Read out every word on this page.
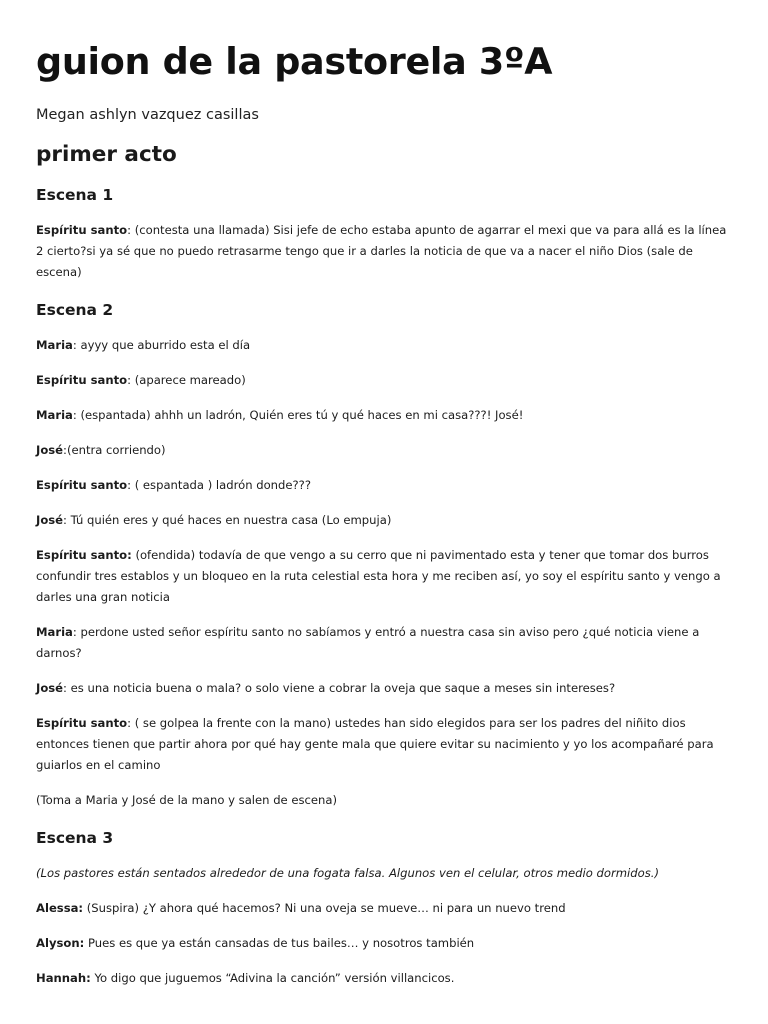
guion de la pastorela 3ºA
Megan ashlyn vazquez casillas
primer acto
Escena 1

Espíritu santo: (contesta una llamada) Sisi jefe de echo estaba apunto de agarrar el mexi que va para allá es la línea 2 cierto?si ya sé que no puedo retrasarme tengo que ir a darles la noticia de que va a nacer el niño Dios (sale de escena)

Escena 2

Maria: ayyy que aburrido esta el día

Espíritu santo: (aparece mareado)

Maria: (espantada) ahhh un ladrón, Quién eres tú y qué haces en mi casa???! José!

José:(entra corriendo)

Espíritu santo: ( espantada ) ladrón donde???

José: Tú quién eres y qué haces en nuestra casa (Lo empuja)

Espíritu santo: (ofendida) todavía de que vengo a su cerro que ni pavimentado esta y tener que tomar dos burros confundir tres establos y un bloqueo en la ruta celestial esta hora y me reciben así, yo soy el espíritu santo y vengo a darles una gran noticia

Maria: perdone usted señor espíritu santo no sabíamos y entró a nuestra casa sin aviso pero ¿qué noticia viene a darnos?

José: es una noticia buena o mala? o solo viene a cobrar la oveja que saque a meses sin intereses?

Espíritu santo: ( se golpea la frente con la mano) ustedes han sido elegidos para ser los padres del niñito dios entonces tienen que partir ahora por qué hay gente mala que quiere evitar su nacimiento y yo los acompañaré para guiarlos en el camino

(Toma a Maria y José de la mano y salen de escena)

Escena 3

(Los pastores están sentados alrededor de una fogata falsa. Algunos ven el celular, otros medio dormidos.)

Alessa: (Suspira) ¿Y ahora qué hacemos? Ni una oveja se mueve… ni para un nuevo trend

Alyson: Pues es que ya están cansadas de tus bailes… y nosotros también

Hannah: Yo digo que juguemos “Adivina la canción” versión villancicos.
